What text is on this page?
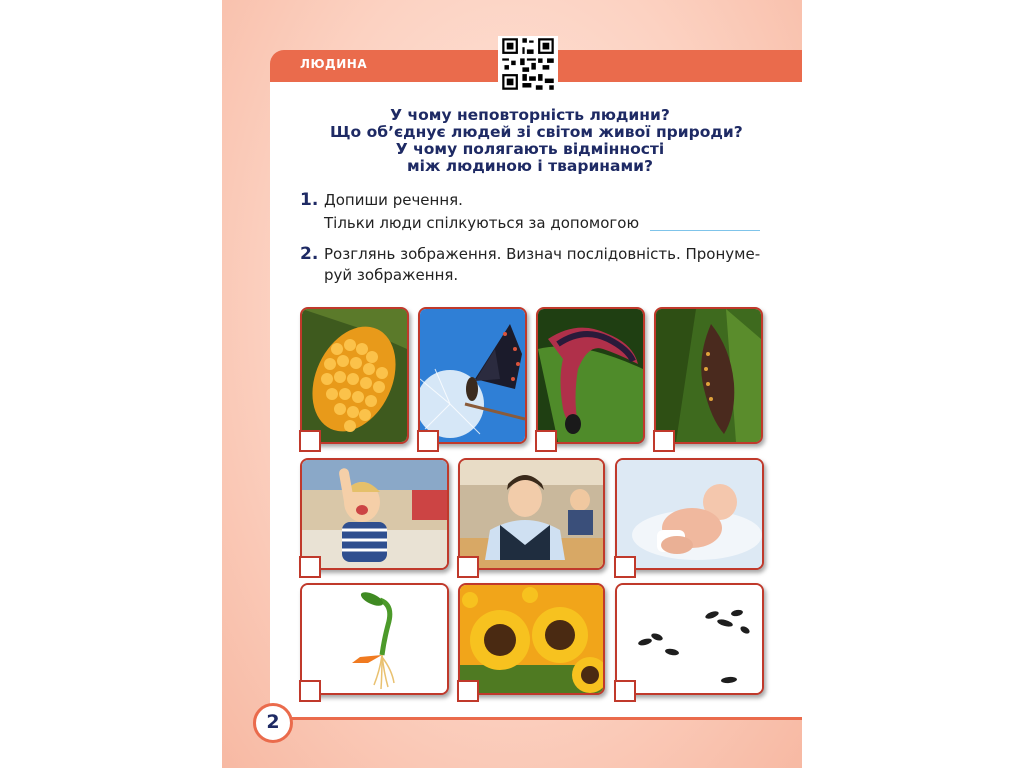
ЛЮДИНА
У чому неповторність людини?
Що об’єднує людей зі світом живої природи?
У чому полягають відмінності
між людиною і тваринами?
1. Допиши речення.
Тільки люди спілкуються за допомогою
2. Розглянь зображення. Визнач послідовність. Пронуме-
руй зображення.
2
